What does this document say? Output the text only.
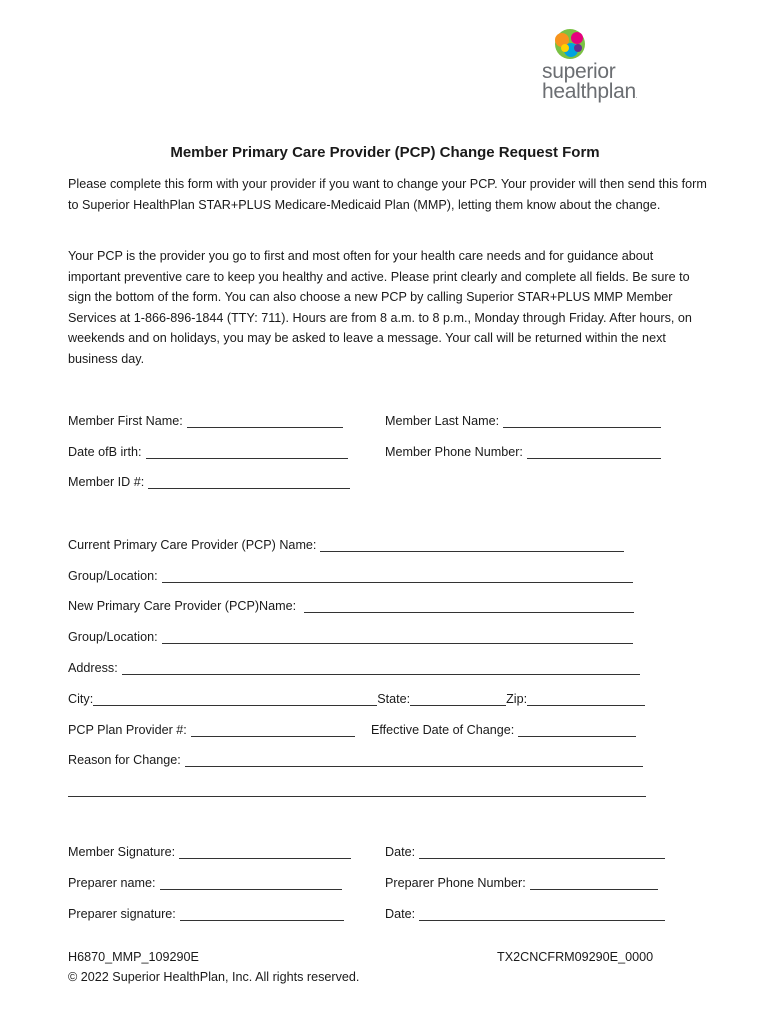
superior
healthplan.
Member Primary Care Provider (PCP) Change Request Form

Please complete this form with your provider if you want to change your PCP. Your provider will then send this form to Superior HealthPlan STAR+PLUS Medicare-Medicaid Plan (MMP), letting them know about the change.

Your PCP is the provider you go to first and most often for your health care needs and for guidance about important preventive care to keep you healthy and active. Please print clearly and complete all fields. Be sure to sign the bottom of the form. You can also choose a new PCP by calling Superior STAR+PLUS MMP Member Services at 1-866-896-1844 (TTY: 711). Hours are from 8 a.m. to 8 p.m., Monday through Friday. After hours, on weekends and on holidays, you may be asked to leave a message. Your call will be returned within the next business day.

Member First Name:	Member Last Name:
Date ofB irth:	Member Phone Number:
Member ID #:
Current Primary Care Provider (PCP) Name:
Group/Location:
New Primary Care Provider (PCP)Name:
Group/Location:
Address:
City:	State:	Zip:
PCP Plan Provider #:	Effective Date of Change:
Reason for Change:
Member Signature:	Date:
Preparer name:	Preparer Phone Number:
Preparer signature:	Date:
H6870_MMP_109290E
© 2022 Superior HealthPlan, Inc. All rights reserved.
TX2CNCFRM09290E_0000
